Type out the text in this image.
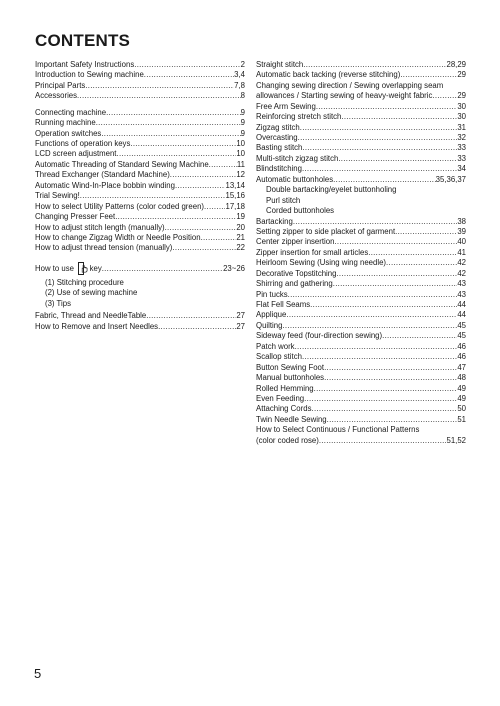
CONTENTS
Important Safety Instructions .....	2
Introduction to Sewing machine .....	3,4
Principal Parts .....	7,8
Accessories .....	8
Connecting machine .....	9
Running machine .....	9
Operation switches .....	9
Functions of operation keys .....	10
LCD screen adjustment .....	10
Automatic Threading of Standard Sewing Machine .....	11
Thread Exchanger (Standard Machine) .....	12
Automatic Wind-In-Place bobbin winding .....	13,14
Trial Sewing! .....	15,16
How to select Utility Patterns (color coded green) .....	17,18
Changing Presser Feet .....	19
How to adjust stitch length (manually) .....	20
How to change Zigzag Width or Needle Position .....	21
How to adjust thread tension (manually) .....	22
How to use key .....	23~26
(1) Stitching procedure
(2) Use of sewing machine
(3) Tips
Fabric, Thread and NeedleTable .....	27
How to Remove and Insert Needles .....	27
Straight stitch .....	28,29
Automatic back tacking (reverse stitching) .....	29
Changing sewing direction / Sewing overlapping seam
allowances / Starting sewing of heavy-weight fabric .....	29
Free Arm Sewing .....	30
Reinforcing stretch stitch .....	30
Zigzag stitch .....	31
Overcasting .....	32
Basting stitch .....	33
Multi-stitch zigzag stitch .....	33
Blindstitching .....	34
Automatic buttonholes .....	35,36,37
Double bartacking/eyelet buttonholing
Purl stitch
Corded buttonholes
Bartacking .....	38
Setting zipper to side placket of garment .....	39
Center zipper insertion .....	40
Zipper insertion for small articles .....	41
Heirloom Sewing (Using wing needle) .....	42
Decorative Topstitching .....	42
Shirring and gathering .....	43
Pin tucks .....	43
Flat Fell Seams .....	44
Applique .....	44
Quilting .....	45
Sideway feed (four-direction sewing) .....	45
Patch work .....	46
Scallop stitch .....	46
Button Sewing Foot .....	47
Manual buttonholes .....	48
Rolled Hemming .....	49
Even Feeding .....	49
Attaching Cords .....	50
Twin Needle Sewing .....	51
How to Select Continuous / Functional Patterns
(color coded rose) .....	51,52
5
